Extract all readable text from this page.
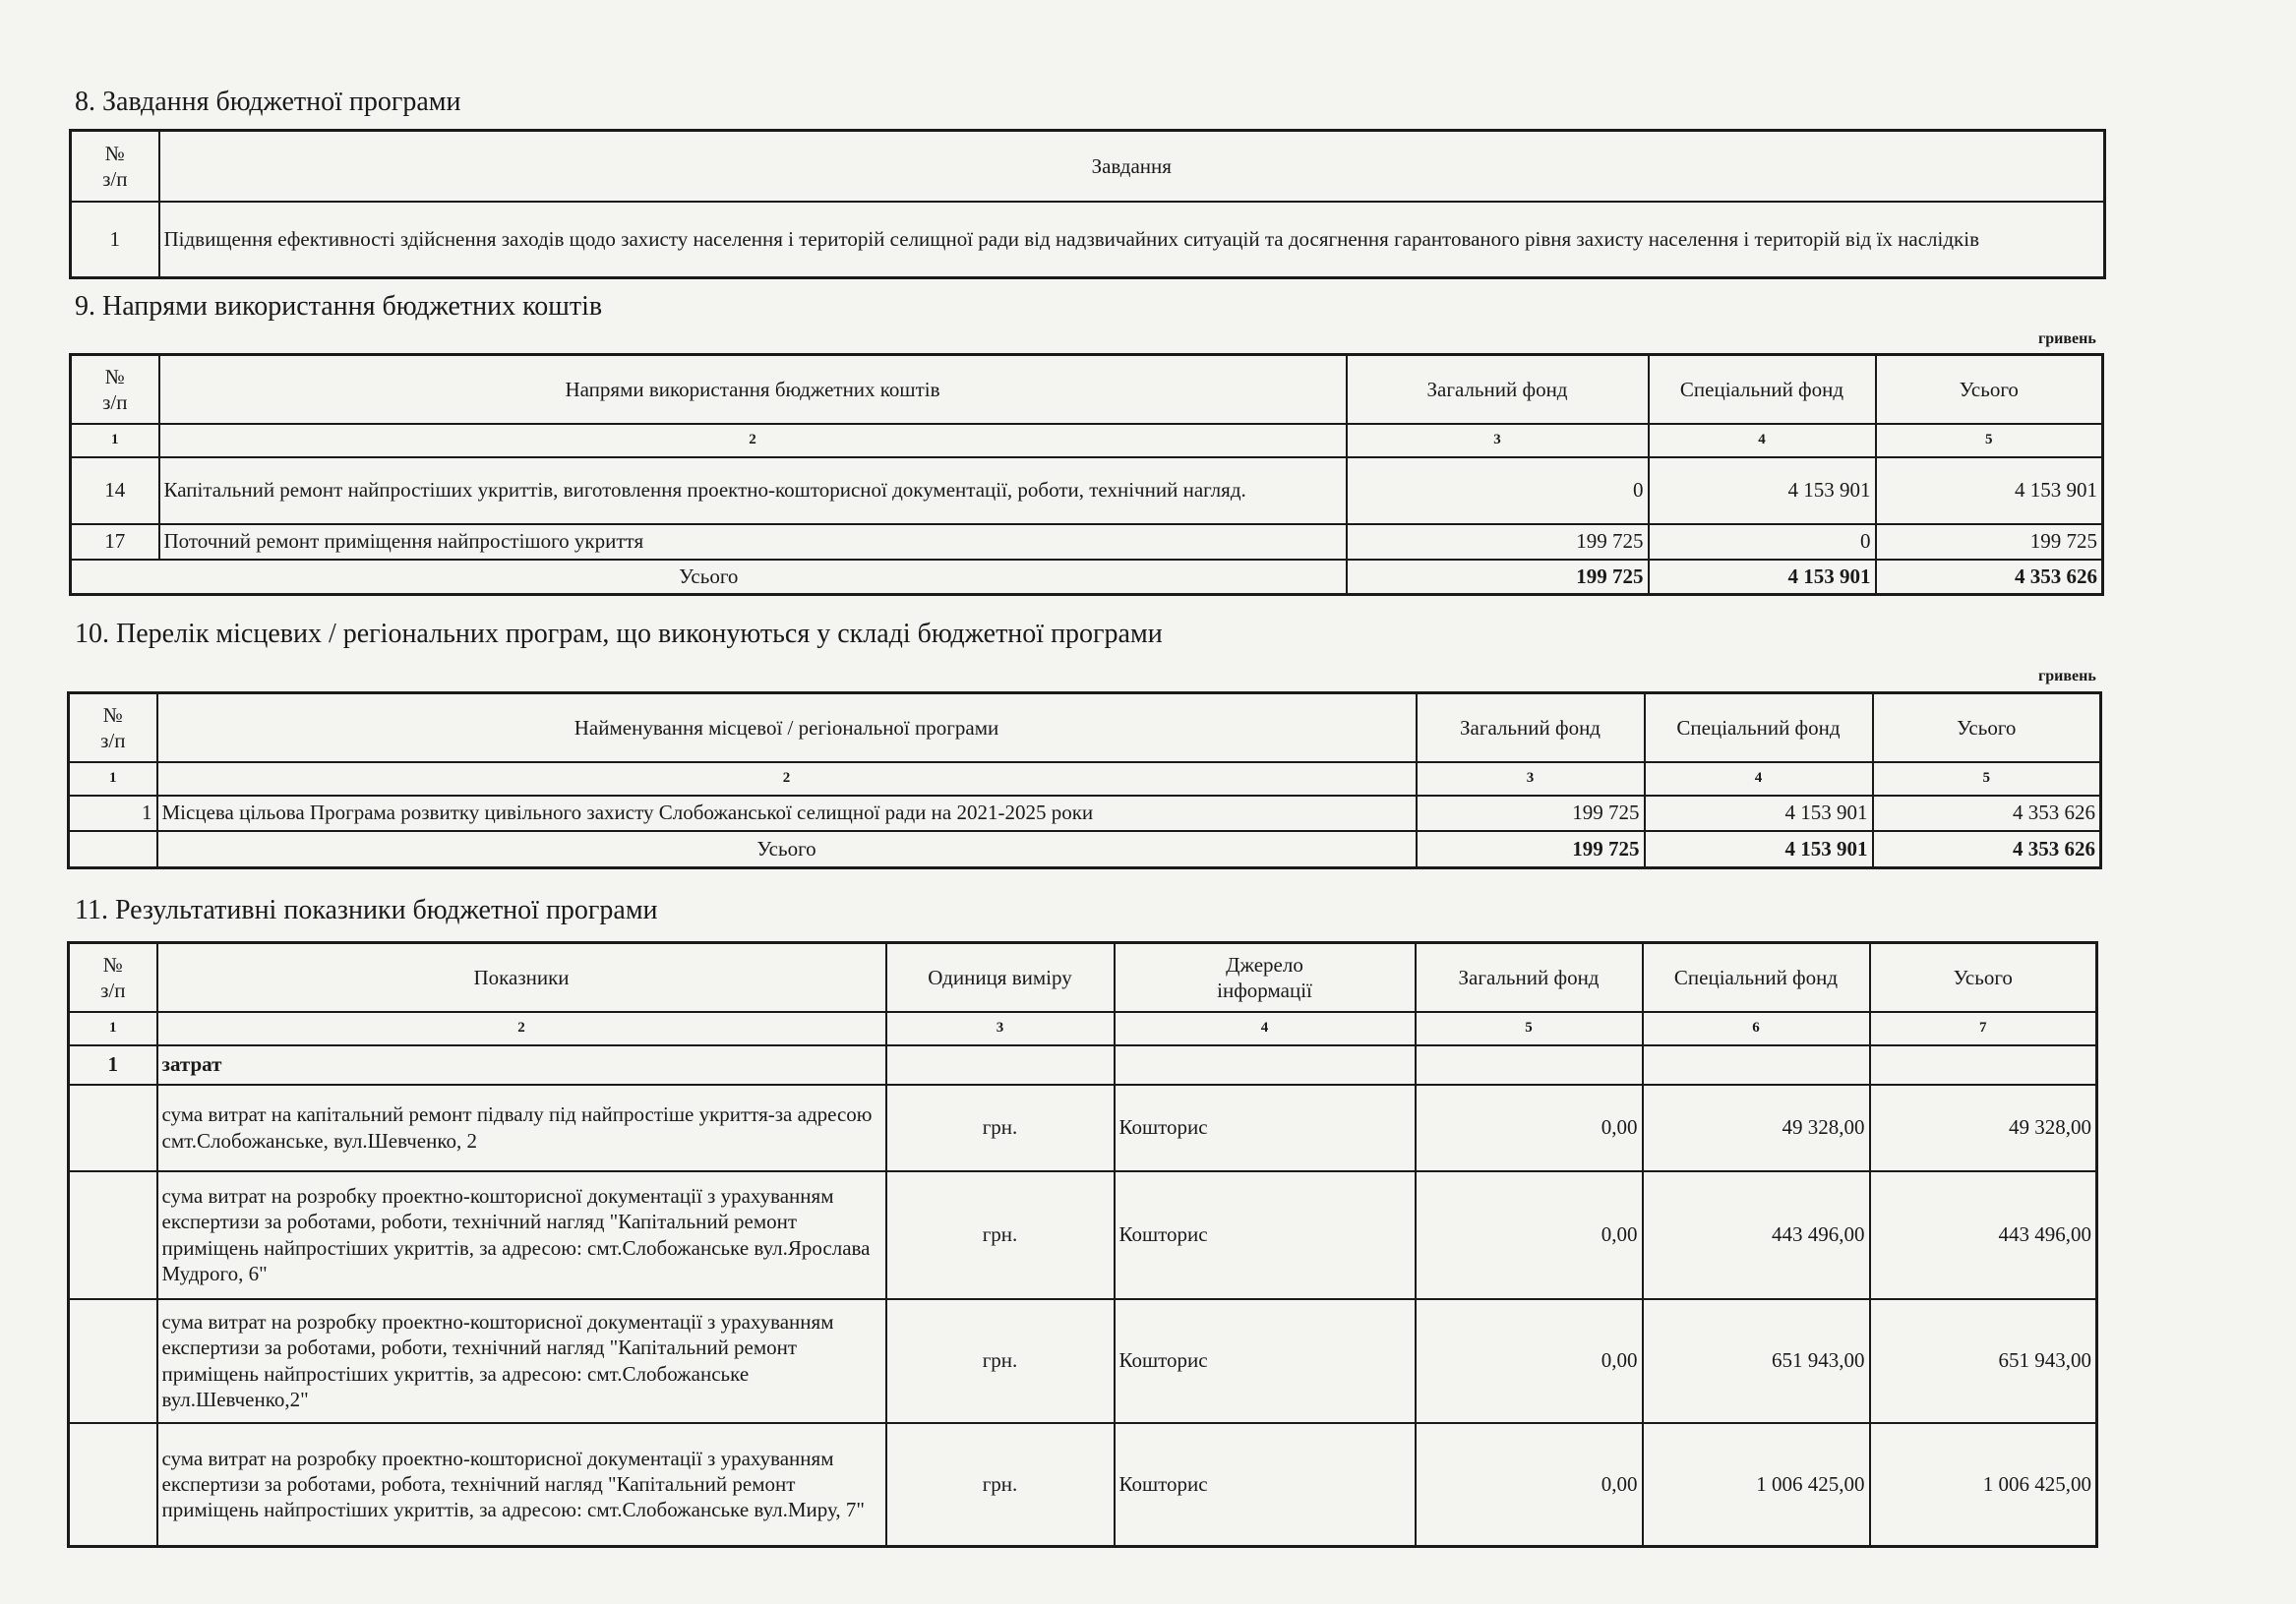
8. Завдання бюджетної програми
№
з/п	Завдання
1	Підвищення ефективності здійснення заходів щодо захисту населення і територій селищної ради від надзвичайних ситуацій та досягнення гарантованого рівня захисту населення і територій від їх наслідків
9. Напрями використання бюджетних коштів
гривень
№
з/п	Напрями використання бюджетних коштів	Загальний фонд	Спеціальний фонд	Усього
1	2	3	4	5
14	Капітальний ремонт найпростіших укриттів, виготовлення проектно-кошторисної документації, роботи, технічний нагляд.	0	4 153 901	4 153 901
17	Поточний ремонт приміщення найпростішого укриття	199 725	0	199 725
Усього		199 725	4 153 901	4 353 626
10. Перелік місцевих / регіональних програм, що виконуються у складі бюджетної програми
гривень
№
з/п	Найменування місцевої / регіональної програми	Загальний фонд	Спеціальний фонд	Усього
1	2	3	4	5
1	Місцева цільова Програма розвитку цивільного захисту Слобожанської селищної ради на 2021-2025 роки	199 725	4 153 901	4 353 626
	Усього	199 725	4 153 901	4 353 626
11. Результативні показники бюджетної програми
№
з/п	Показники	Одиниця виміру	Джерело
інформації	Загальний фонд	Спеціальний фонд	Усього
1	2	3	4	5	6	7
1	затрат					
	сума витрат на капітальний ремонт підвалу під найпростіше укриття-за адресою смт.Слобожанське, вул.Шевченко, 2	грн.	Кошторис	0,00	49 328,00	49 328,00
	сума витрат на розробку проектно-кошторисної документації з урахуванням експертизи за роботами, роботи, технічний нагляд "Капітальний ремонт приміщень найпростіших укриттів, за адресою: смт.Слобожанське вул.Ярослава Мудрого, 6"	грн.	Кошторис	0,00	443 496,00	443 496,00
	сума витрат на розробку проектно-кошторисної документації з урахуванням експертизи за роботами, роботи, технічний нагляд "Капітальний ремонт приміщень найпростіших укриттів, за адресою: смт.Слобожанське вул.Шевченко,2"	грн.	Кошторис	0,00	651 943,00	651 943,00
	сума витрат на розробку проектно-кошторисної документації з урахуванням експертизи за роботами, робота, технічний нагляд "Капітальний ремонт приміщень найпростіших укриттів, за адресою: смт.Слобожанське вул.Миру, 7"	грн.	Кошторис	0,00	1 006 425,00	1 006 425,00
